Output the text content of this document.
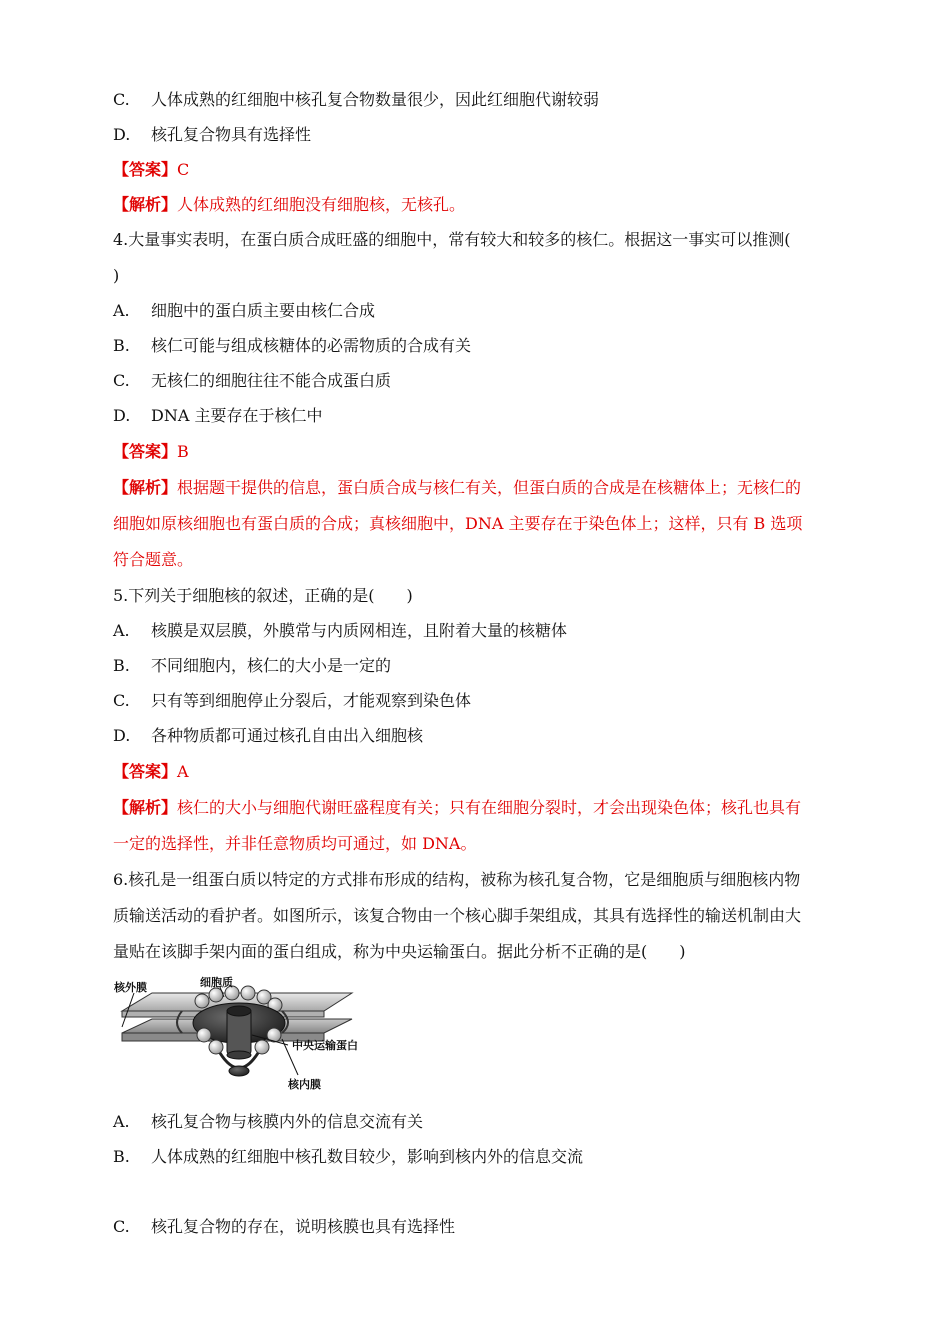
C. 人体成熟的红细胞中核孔复合物数量很少，因此红细胞代谢较弱
D. 核孔复合物具有选择性
【答案】C
【解析】人体成熟的红细胞没有细胞核，无核孔。
4.大量事实表明，在蛋白质合成旺盛的细胞中，常有较大和较多的核仁。根据这一事实可以推测(
)
A. 细胞中的蛋白质主要由核仁合成
B. 核仁可能与组成核糖体的必需物质的合成有关
C. 无核仁的细胞往往不能合成蛋白质
D. DNA 主要存在于核仁中
【答案】B
【解析】根据题干提供的信息，蛋白质合成与核仁有关，但蛋白质的合成是在核糖体上；无核仁的
细胞如原核细胞也有蛋白质的合成；真核细胞中，DNA 主要存在于染色体上；这样，只有 B 选项
符合题意。
5.下列关于细胞核的叙述，正确的是(　　)
A. 核膜是双层膜，外膜常与内质网相连，且附着大量的核糖体
B. 不同细胞内，核仁的大小是一定的
C. 只有等到细胞停止分裂后，才能观察到染色体
D. 各种物质都可通过核孔自由出入细胞核
【答案】A
【解析】核仁的大小与细胞代谢旺盛程度有关；只有在细胞分裂时，才会出现染色体；核孔也具有
一定的选择性，并非任意物质均可通过，如 DNA。
6.核孔是一组蛋白质以特定的方式排布形成的结构，被称为核孔复合物，它是细胞质与细胞核内物
质输送活动的看护者。如图所示，该复合物由一个核心脚手架组成，其具有选择性的输送机制由大
量贴在该脚手架内面的蛋白组成，称为中央运输蛋白。据此分析不正确的是(　　)
核外膜	细胞质
中央运输蛋白
核内膜
A. 核孔复合物与核膜内外的信息交流有关
B. 人体成熟的红细胞中核孔数目较少，影响到核内外的信息交流
C. 核孔复合物的存在，说明核膜也具有选择性
